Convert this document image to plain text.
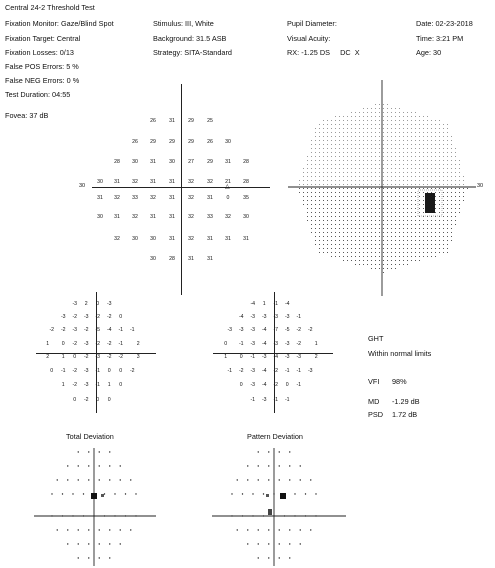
Central 24-2 Threshold Test
Fixation Monitor: Gaze/Blind Spot
Fixation Target: Central
Fixation Losses: 0/13
False POS Errors: 5 %
False NEG Errors: 0 %
Test Duration: 04:55
Stimulus: III, White
Background: 31.5 ASB
Strategy: SITA-Standard
Pupil Diameter:
Visual Acuity:
RX: -1.25 DS     DC  X
Date: 02-23-2018
Time: 3:21 PM
Age: 30
Fovea: 37 dB
30	30
△
26	31	29	25
26	29	29	29	26	30
28	30	31	30	27	29	31	28
30	31	32	31	31	32	32	21	28
31	32	33	32	31	32	31	0	35
30	31	32	31	31	32	33	32	30
32	30	30	31	32	31	31	31
30	28	31	31
-3	2	0	-3
-3	-2	-3	-2	-2	0
-2	-2	-3	-2	-5	-4	-1	-1
1	0	-2	-3	-2	-2	-1	2
2	1	0	-2	-3	-2	-2	3
0	-1	-2	-3	-1	0	0	-2
1	-2	-3	-1	1	0
0	-2	0	0
-4	1	-1	-4
-4	-3	-3	-3	-3	-1
-3	-3	-3	-4	-7	-5	-2	-2
0	-1	-3	-4	-3	-3	-2	1
1	0	-1	-3	-4	-3	-3	2
-1	-2	-3	-4	-2	-1	-1	-3
0	-3	-4	-2	0	-1
-1	-3	-1	-1
GHT
Within normal limits
VFI 98%
MD -1.29 dB
PSD 1.72 dB
Total Deviation	Pattern Deviation
